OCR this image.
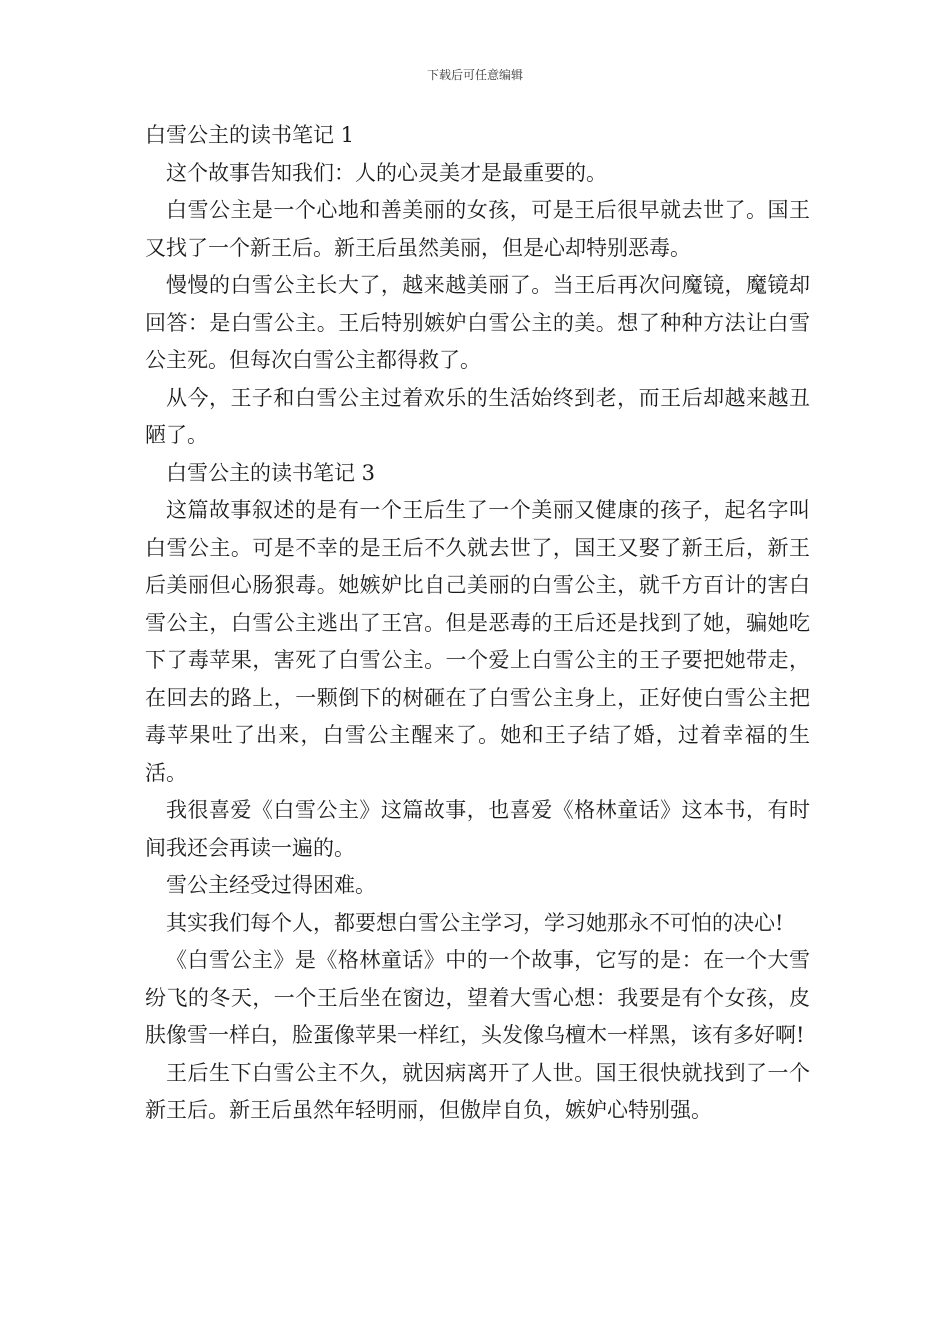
下载后可任意编辑

白雪公主的读书笔记 1

这个故事告知我们：人的心灵美才是最重要的。

白雪公主是一个心地和善美丽的女孩，可是王后很早就去世了。国王又找了一个新王后。新王后虽然美丽，但是心却特别恶毒。

慢慢的白雪公主长大了，越来越美丽了。当王后再次问魔镜，魔镜却回答：是白雪公主。王后特别嫉妒白雪公主的美。想了种种方法让白雪公主死。但每次白雪公主都得救了。

从今，王子和白雪公主过着欢乐的生活始终到老，而王后却越来越丑陋了。

白雪公主的读书笔记 3

这篇故事叙述的是有一个王后生了一个美丽又健康的孩子，起名字叫白雪公主。可是不幸的是王后不久就去世了，国王又娶了新王后，新王后美丽但心肠狠毒。她嫉妒比自己美丽的白雪公主，就千方百计的害白雪公主，白雪公主逃出了王宫。但是恶毒的王后还是找到了她，骗她吃下了毒苹果，害死了白雪公主。一个爱上白雪公主的王子要把她带走，在回去的路上，一颗倒下的树砸在了白雪公主身上，正好使白雪公主把毒苹果吐了出来，白雪公主醒来了。她和王子结了婚，过着幸福的生活。

我很喜爱《白雪公主》这篇故事，也喜爱《格林童话》这本书，有时间我还会再读一遍的。

雪公主经受过得困难。

其实我们每个人，都要想白雪公主学习，学习她那永不可怕的决心!

《白雪公主》是《格林童话》中的一个故事，它写的是：在一个大雪纷飞的冬天，一个王后坐在窗边，望着大雪心想：我要是有个女孩，皮肤像雪一样白，脸蛋像苹果一样红，头发像乌檀木一样黑，该有多好啊!

王后生下白雪公主不久，就因病离开了人世。国王很快就找到了一个新王后。新王后虽然年轻明丽，但傲岸自负，嫉妒心特别强。
